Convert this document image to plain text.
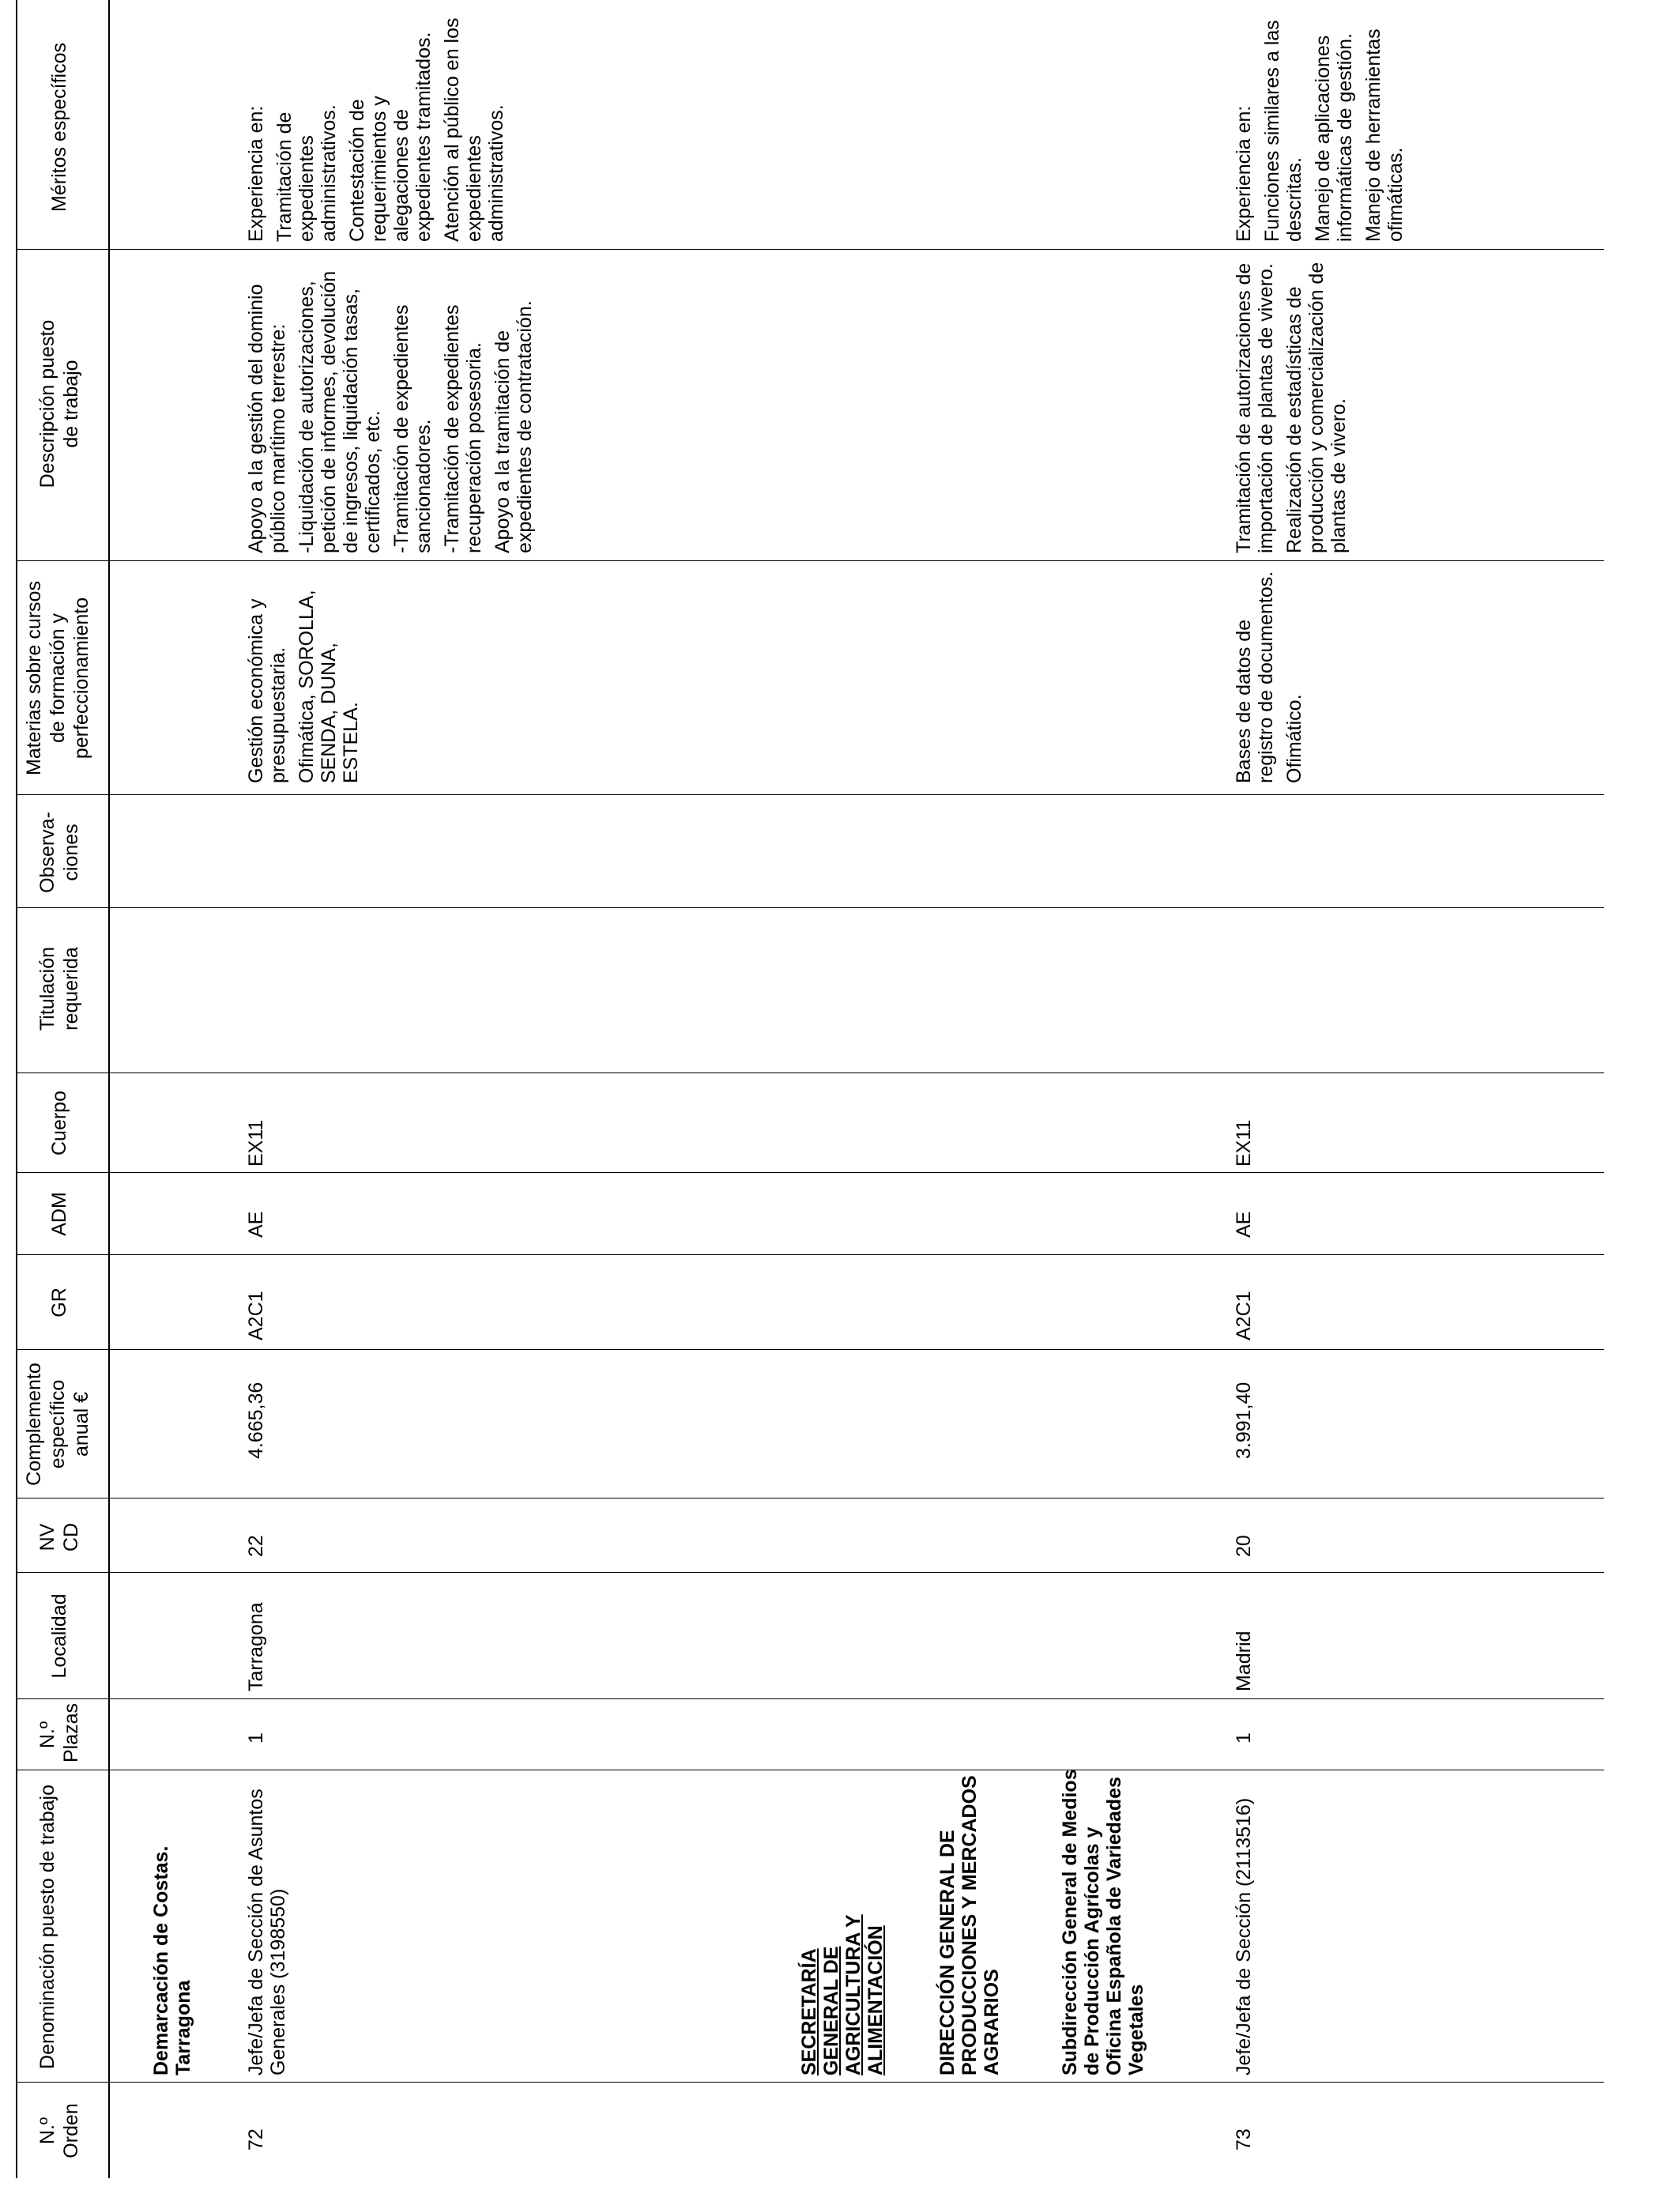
N.º Orden
Denominación puesto de trabajo
N.º Plazas
Localidad
NV CD
Complemento específico anual €
GR
ADM
Cuerpo
Titulación requerida
Observa-ciones
Materias sobre cursos de formación y perfeccionamiento
Descripción puesto de trabajo
Méritos específicos
Demarcación de Costas. Tarragona
72
Jefe/Jefa de Sección de Asuntos Generales (3198550)
1
Tarragona
22
4.665,36
A2C1
AE
EX11

Gestión económica y presupuestaria. Ofimática, SOROLLA, SENDA, DUNA, ESTELA.

Apoyo a la gestión del dominio público marítimo terrestre: -Liquidación de autorizaciones, petición de informes, devolución de ingresos, liquidación tasas, certificados, etc. -Tramitación de expedientes sancionadores. -Tramitación de expedientes recuperación posesoria. Apoyo a la tramitación de expedientes de contratación.

Experiencia en: Tramitación de expedientes administrativos. Contestación de requerimientos y alegaciones de expedientes tramitados. Atención al público en los expedientes administrativos.

SECRETARÍA GENERAL DE AGRICULTURA Y ALIMENTACIÓN	DIRECCIÓN GENERAL DE PRODUCCIONES Y MERCADOS AGRARIOS	Subdirección General de Medios de Producción Agrícolas y Oficina Española de Variedades Vegetales
73
Jefe/Jefa de Sección (2113516)
1
Madrid
20
3.991,40
A2C1
AE
EX11

Bases de datos de registro de documentos. Ofimático.

Tramitación de autorizaciones de importación de plantas de vivero. Realización de estadísticas de producción y comercialización de plantas de vivero.

Experiencia en: Funciones similares a las descritas. Manejo de aplicaciones informáticas de gestión. Manejo de herramientas ofimáticas.
